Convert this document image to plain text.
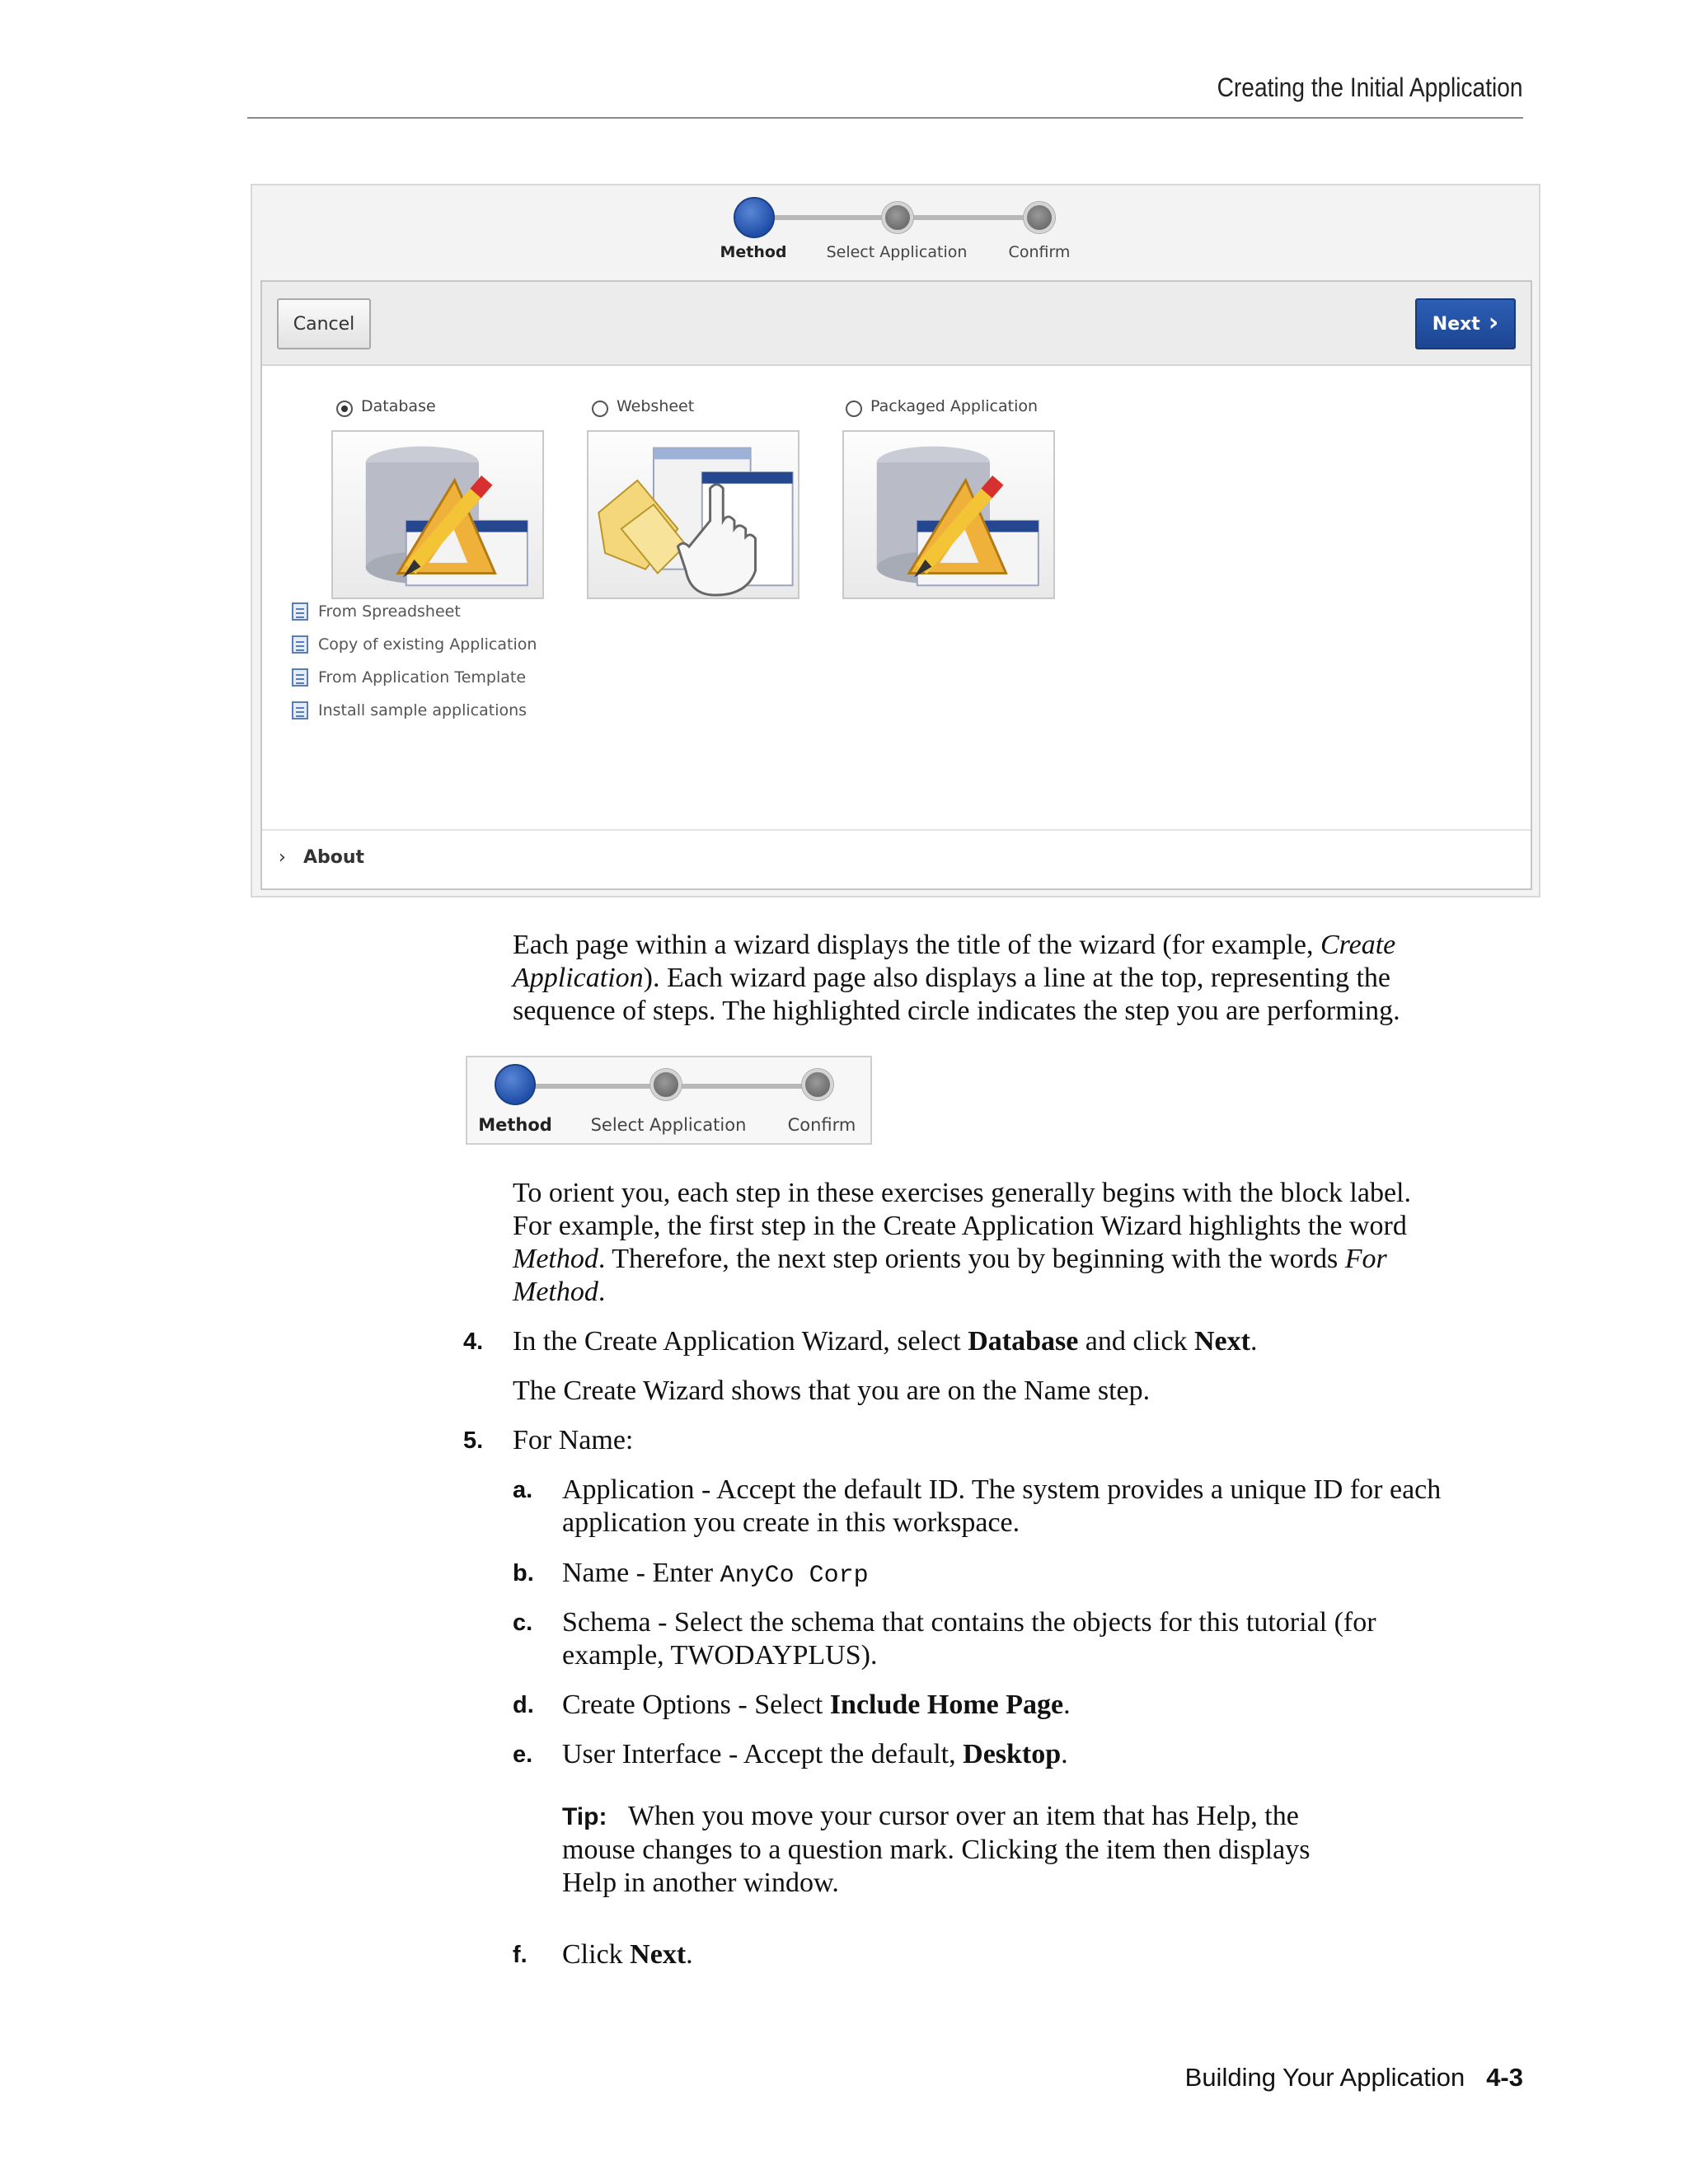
Creating the Initial Application
Method	Select Application	Confirm
Cancel	Next ›
Database	Websheet	Packaged Application
From Spreadsheet
Copy of existing Application
From Application Template
Install sample applications
› About
Each page within a wizard displays the title of the wizard (for example, Create
Application). Each wizard page also displays a line at the top, representing the
sequence of steps. The highlighted circle indicates the step you are performing.
Method Select Application Confirm
To orient you, each step in these exercises generally begins with the block label.
For example, the first step in the Create Application Wizard highlights the word
Method. Therefore, the next step orients you by beginning with the words For
Method.
4. In the Create Application Wizard, select Database and click Next.
The Create Wizard shows that you are on the Name step.
5. For Name:
a. Application - Accept the default ID. The system provides a unique ID for each
application you create in this workspace.
b. Name - Enter AnyCo Corp
c. Schema - Select the schema that contains the objects for this tutorial (for
example, TWODAYPLUS).
d. Create Options - Select Include Home Page.
e. User Interface - Accept the default, Desktop.
Tip: When you move your cursor over an item that has Help, the
mouse changes to a question mark. Clicking the item then displays
Help in another window.
f. Click Next.
Building Your Application 4-3
